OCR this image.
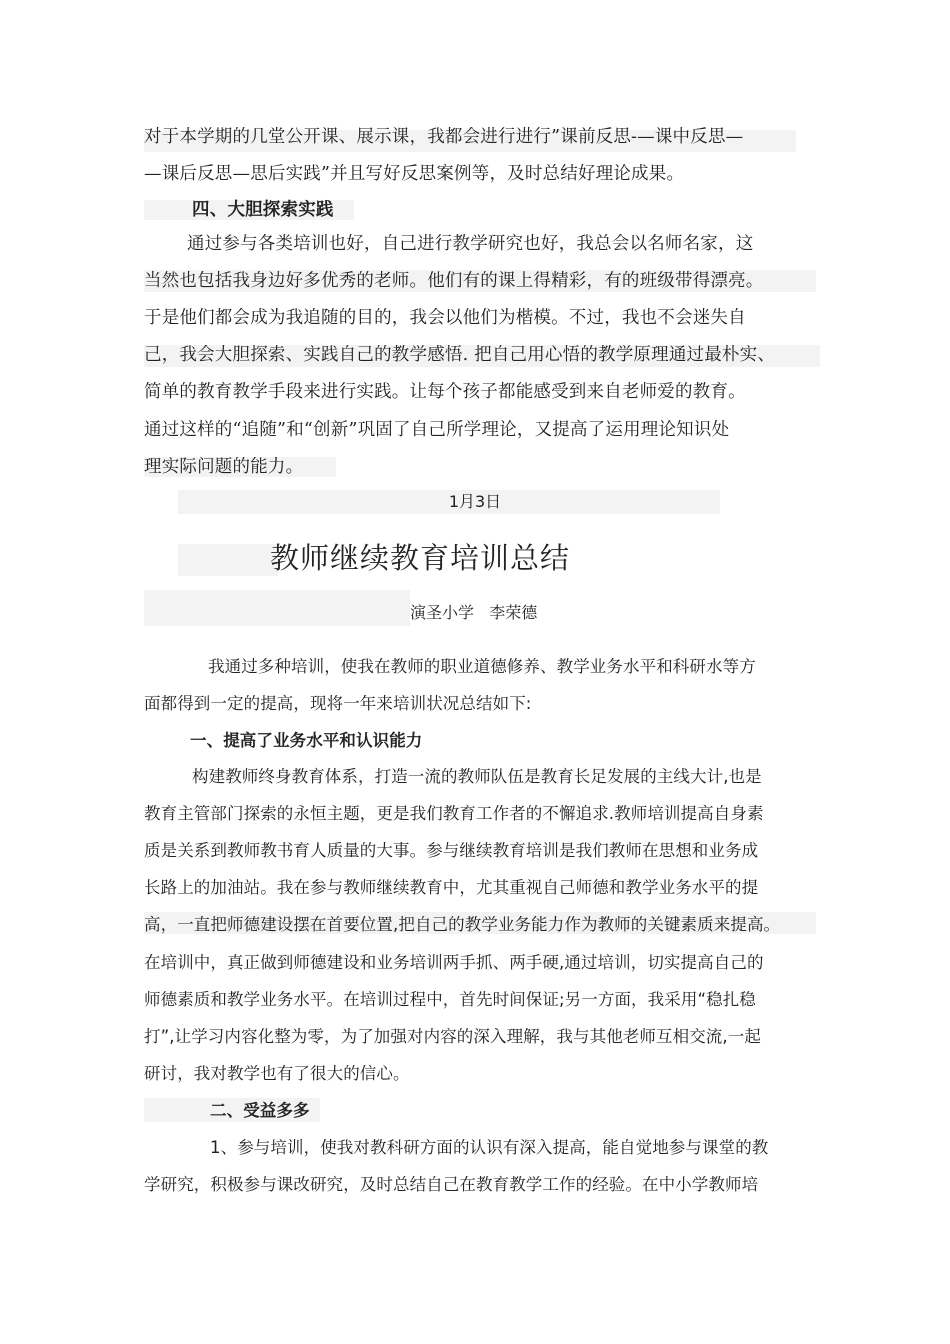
对于本学期的几堂公开课、展示课，我都会进行进行”课前反思-—课中反思—
—课后反思—思后实践”并且写好反思案例等，及时总结好理论成果。
四、大胆探索实践
通过参与各类培训也好，自己进行教学研究也好，我总会以名师名家，这
当然也包括我身边好多优秀的老师。他们有的课上得精彩，有的班级带得漂亮。
于是他们都会成为我追随的目的，我会以他们为楷模。不过，我也不会迷失自
己，我会大胆探索、实践自己的教学感悟. 把自己用心悟的教学原理通过最朴实、
简单的教育教学手段来进行实践。让每个孩子都能感受到来自老师爱的教育。
通过这样的“追随”和“创新”巩固了自己所学理论，又提高了运用理论知识处
理实际问题的能力。
1月3日
教师继续教育培训总结
演圣小学   李荣德
我通过多种培训，使我在教师的职业道德修养、教学业务水平和科研水等方
面都得到一定的提高，现将一年来培训状况总结如下:
一、提高了业务水平和认识能力
构建教师终身教育体系，打造一流的教师队伍是教育长足发展的主线大计,也是
教育主管部门探索的永恒主题，更是我们教育工作者的不懈追求.教师培训提高自身素
质是关系到教师教书育人质量的大事。参与继续教育培训是我们教师在思想和业务成
长路上的加油站。我在参与教师继续教育中，尤其重视自己师德和教学业务水平的提
高，一直把师德建设摆在首要位置,把自己的教学业务能力作为教师的关键素质来提高。
在培训中，真正做到师德建设和业务培训两手抓、两手硬,通过培训，切实提高自己的
师德素质和教学业务水平。在培训过程中，首先时间保证;另一方面，我采用“稳扎稳
打”,让学习内容化整为零，为了加强对内容的深入理解，我与其他老师互相交流,一起
研讨，我对教学也有了很大的信心。
二、受益多多
1、参与培训，使我对教科研方面的认识有深入提高，能自觉地参与课堂的教
学研究，积极参与课改研究，及时总结自己在教育教学工作的经验。在中小学教师培
